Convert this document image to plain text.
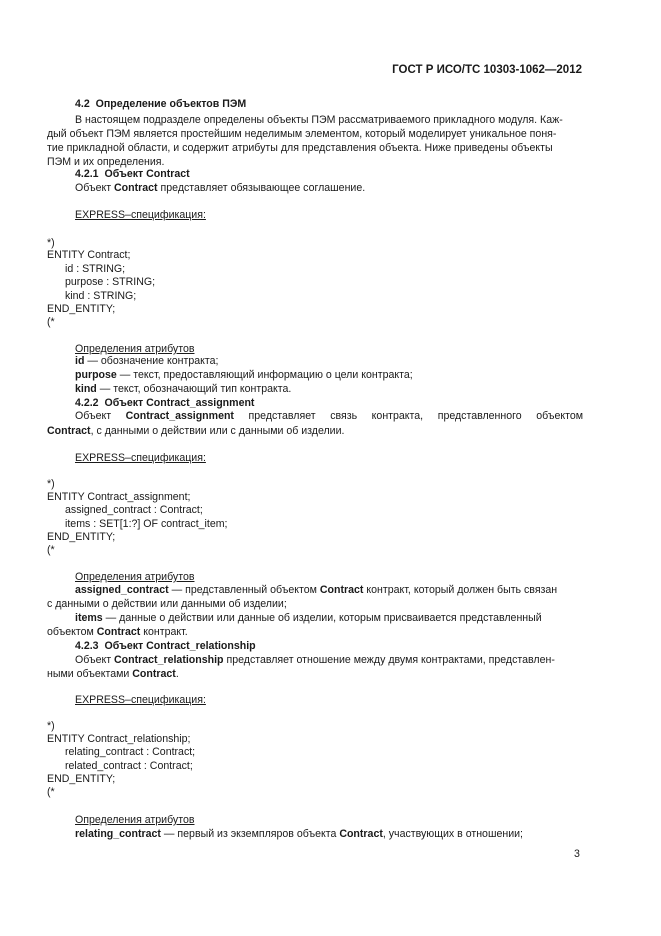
ГОСТ Р ИСО/ТС 10303-1062—2012
4.2 Определение объектов ПЭМ
В настоящем подразделе определены объекты ПЭМ рассматриваемого прикладного модуля. Каж-
дый объект ПЭМ является простейшим неделимым элементом, который моделирует уникальное поня-
тие прикладной области, и содержит атрибуты для представления объекта. Ниже приведены объекты
ПЭМ и их определения.
4.2.1 Объект Contract
Объект Contract представляет обязывающее соглашение.
EXPRESS–спецификация:
*)
ENTITY Contract;
id : STRING;
purpose : STRING;
kind : STRING;
END_ENTITY;
(*
Определения атрибутов
id — обозначение контракта;
purpose — текст, предоставляющий информацию о цели контракта;
kind — текст, обозначающий тип контракта.
4.2.2 Объект Contract_assignment
Объект Contract_assignment представляет связь контракта, представленного объектом
Contract, с данными о действии или с данными об изделии.
EXPRESS–спецификация:
*)
ENTITY Contract_assignment;
assigned_contract : Contract;
items : SET[1:?] OF contract_item;
END_ENTITY;
(*
Определения атрибутов
assigned_contract — представленный объектом Contract контракт, который должен быть связан
с данными о действии или данными об изделии;
items — данные о действии или данные об изделии, которым присваивается представленный
объектом Contract контракт.
4.2.3 Объект Contract_relationship
Объект Contract_relationship представляет отношение между двумя контрактами, представлен-
ными объектами Contract.
EXPRESS–спецификация:
*)
ENTITY Contract_relationship;
relating_contract : Contract;
related_contract : Contract;
END_ENTITY;
(*
Определения атрибутов
relating_contract — первый из экземпляров объекта Contract, участвующих в отношении;
3
